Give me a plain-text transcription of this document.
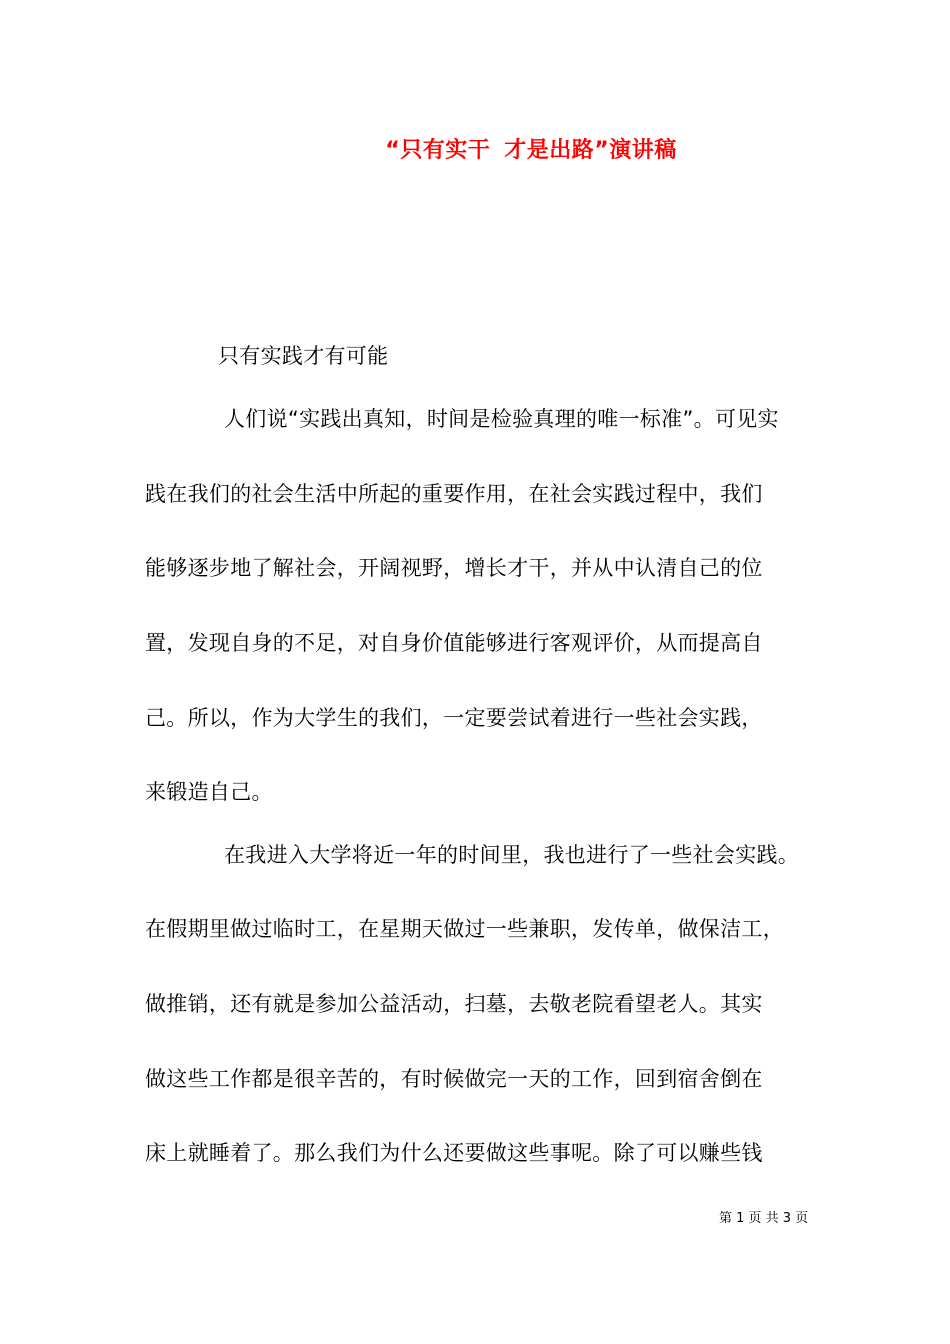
“只有实干 才是出路”演讲稿
只有实践才有可能
人们说“实践出真知，时间是检验真理的唯一标准”。可见实
践在我们的社会生活中所起的重要作用，在社会实践过程中，我们
能够逐步地了解社会，开阔视野，增长才干，并从中认清自己的位
置，发现自身的不足，对自身价值能够进行客观评价，从而提高自
己。所以，作为大学生的我们，一定要尝试着进行一些社会实践，
来锻造自己。
在我进入大学将近一年的时间里，我也进行了一些社会实践。
在假期里做过临时工，在星期天做过一些兼职，发传单，做保洁工，
做推销，还有就是参加公益活动，扫墓，去敬老院看望老人。其实
做这些工作都是很辛苦的，有时候做完一天的工作，回到宿舍倒在
床上就睡着了。那么我们为什么还要做这些事呢。除了可以赚些钱
第 1 页 共 3 页
